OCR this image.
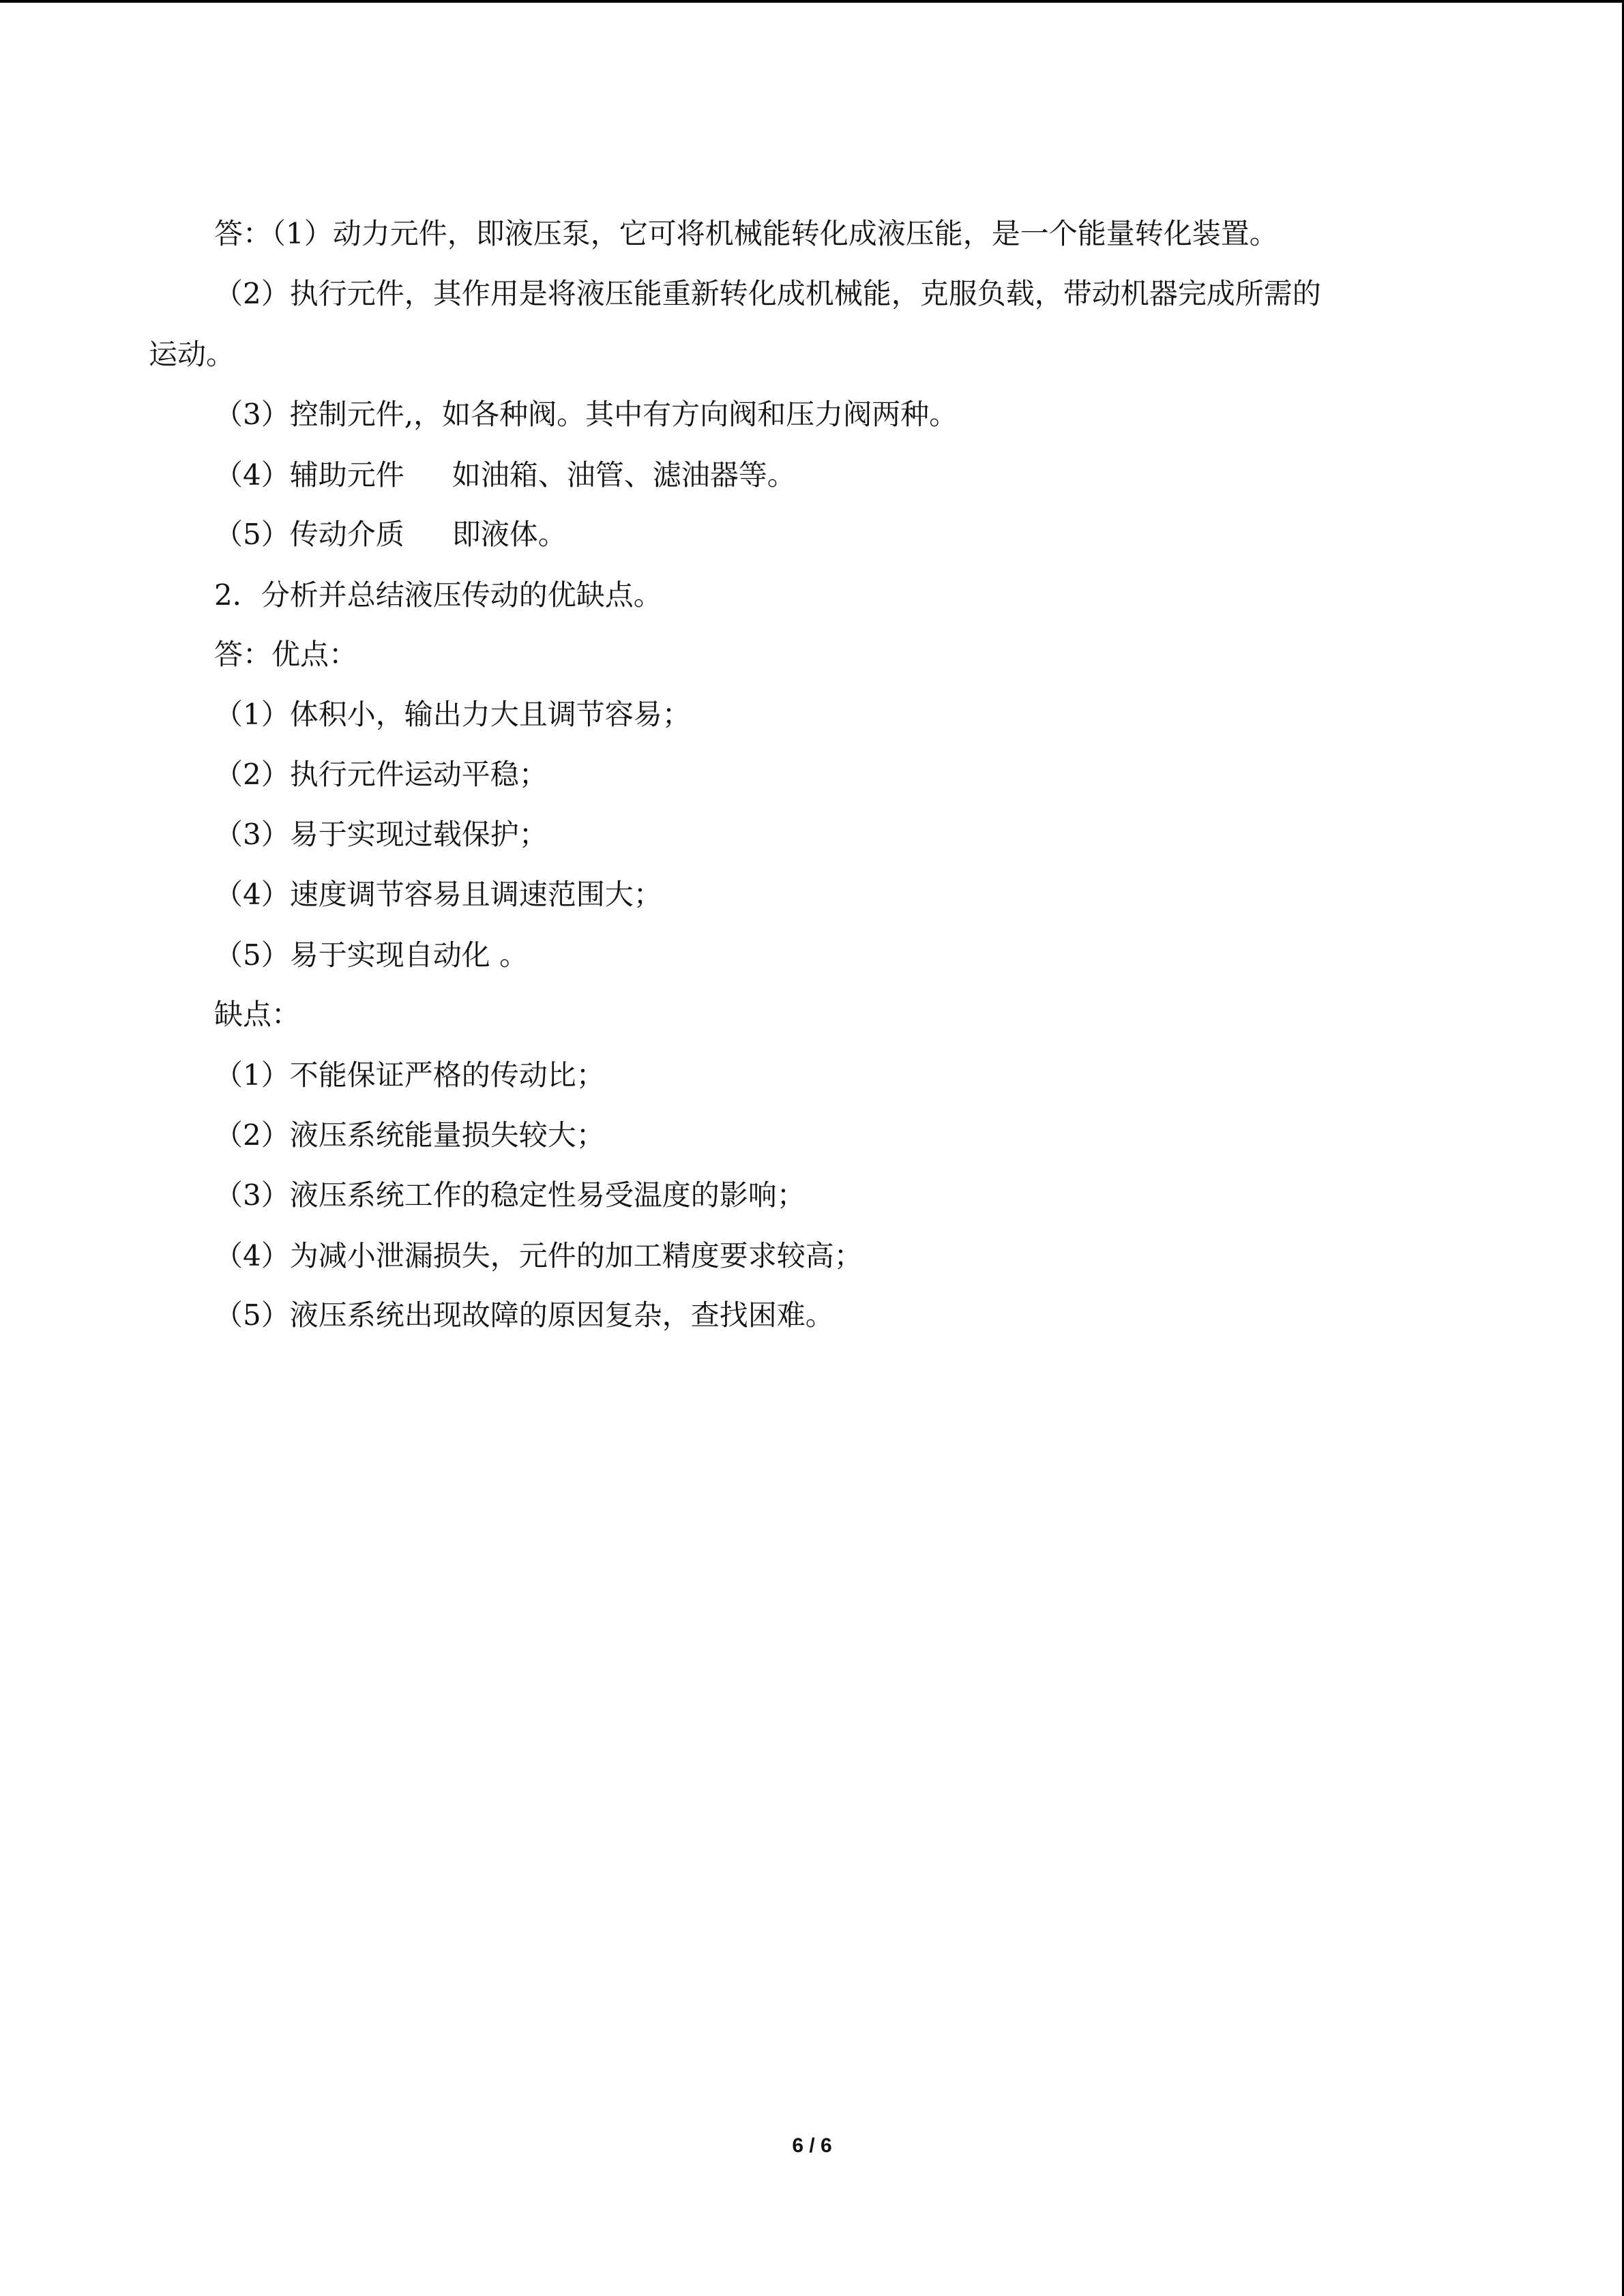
答：（1）动力元件，即液压泵，它可将机械能转化成液压能，是一个能量转化装置。

（2）执行元件，其作用是将液压能重新转化成机械能，克服负载，带动机器完成所需的

运动。

（3）控制元件,，如各种阀。其中有方向阀和压力阀两种。

（4）辅助元件 如油箱、油管、滤油器等。

（5）传动介质 即液体。

2．分析并总结液压传动的优缺点。

答：优点：

（1）体积小，输出力大且调节容易；

（2）执行元件运动平稳；

（3）易于实现过载保护；

（4）速度调节容易且调速范围大；

（5）易于实现自动化 。

缺点：

（1）不能保证严格的传动比；

（2）液压系统能量损失较大；

（3）液压系统工作的稳定性易受温度的影响；

（4）为减小泄漏损失，元件的加工精度要求较高；

（5）液压系统出现故障的原因复杂，查找困难。

6 / 6
